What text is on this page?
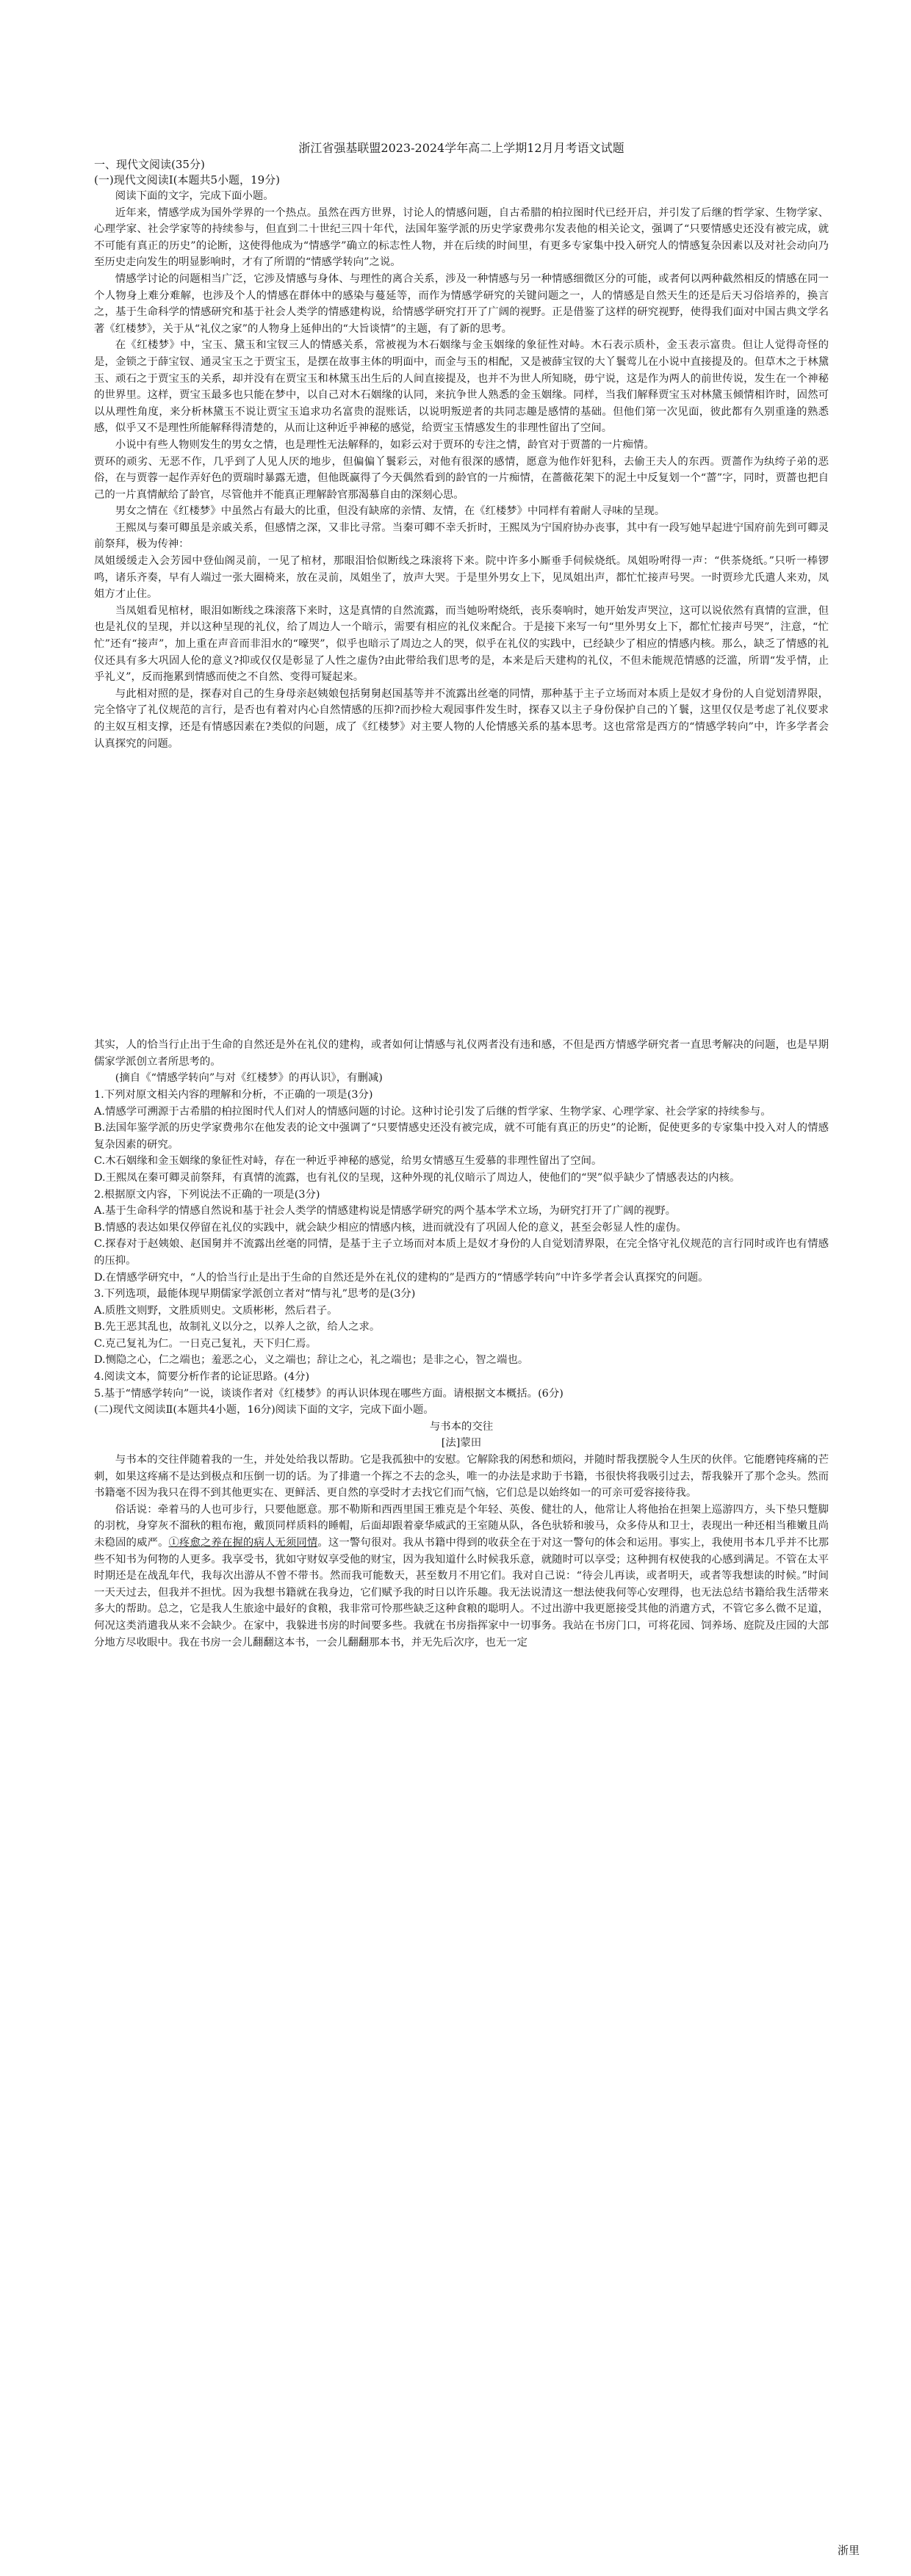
浙江省强基联盟2023-2024学年高二上学期12月月考语文试题
一、现代文阅读(35分)
(一)现代文阅读Ⅰ(本题共5小题，19分)
阅读下面的文字，完成下面小题。

近年来，情感学成为国外学界的一个热点。虽然在西方世界，讨论人的情感问题，自古希腊的柏拉图时代已经开启，并引发了后继的哲学家、生物学家、心理学家、社会学家等的持续参与，但直到二十世纪三四十年代，法国年鉴学派的历史学家费弗尔发表他的相关论文，强调了“只要情感史还没有被完成，就不可能有真正的历史”的论断，这使得他成为“情感学”确立的标志性人物，并在后续的时间里，有更多专家集中投入研究人的情感复杂因素以及对社会动向乃至历史走向发生的明显影响时，才有了所谓的“情感学转向”之说。

情感学讨论的问题相当广泛，它涉及情感与身体、与理性的离合关系，涉及一种情感与另一种情感细微区分的可能，或者何以两种截然相反的情感在同一个人物身上难分难解，也涉及个人的情感在群体中的感染与蔓延等，而作为情感学研究的关键问题之一，人的情感是自然天生的还是后天习俗培养的，换言之，基于生命科学的情感研究和基于社会人类学的情感建构说，给情感学研究打开了广阔的视野。正是借鉴了这样的研究视野，使得我们面对中国古典文学名著《红楼梦》，关于从“礼仪之家”的人物身上延伸出的“大旨谈情”的主题，有了新的思考。

在《红楼梦》中，宝玉、黛玉和宝钗三人的情感关系，常被视为木石姻缘与金玉姻缘的象征性对峙。木石表示质朴，金玉表示富贵。但让人觉得奇怪的是，金锁之于薛宝钗、通灵宝玉之于贾宝玉，是摆在故事主体的明面中，而金与玉的相配，又是被薛宝钗的大丫鬟莺儿在小说中直接提及的。但草木之于林黛玉、顽石之于贾宝玉的关系，却并没有在贾宝玉和林黛玉出生后的人间直接提及，也并不为世人所知晓，毋宁说，这是作为两人的前世传说，发生在一个神秘的世界里。这样，贾宝玉最多也只能在梦中，以自己对木石姻缘的认同，来抗争世人熟悉的金玉姻缘。同样，当我们解释贾宝玉对林黛玉倾情相许时，固然可以从理性角度，来分析林黛玉不说让贾宝玉追求功名富贵的混账话，以说明叛逆者的共同志趣是感情的基础。但他们第一次见面，彼此都有久别重逢的熟悉感，似乎又不是理性所能解释得清楚的，从而让这种近乎神秘的感觉，给贾宝玉情感发生的非理性留出了空间。

小说中有些人物则发生的男女之情，也是理性无法解释的，如彩云对于贾环的专注之情，龄官对于贾蔷的一片痴情。

贾环的顽劣、无恶不作，几乎到了人见人厌的地步，但偏偏丫鬟彩云，对他有很深的感情，愿意为他作奸犯科，去偷王夫人的东西。贾蔷作为纨绔子弟的恶俗，在与贾蓉一起作弄好色的贾瑞时暴露无遗，但他既赢得了今天偶然看到的龄官的一片痴情，在蔷薇花架下的泥土中反复划一个“蔷”字，同时，贾蔷也把自己的一片真情献给了龄官，尽管他并不能真正理解龄官那渴慕自由的深刻心思。

男女之情在《红楼梦》中虽然占有最大的比重，但没有缺席的亲情、友情，在《红楼梦》中同样有着耐人寻味的呈现。

王熙凤与秦可卿虽是亲戚关系，但感情之深，又非比寻常。当秦可卿不幸夭折时，王熙凤为宁国府协办丧事，其中有一段写她早起进宁国府前先到可卿灵前祭拜，极为传神：

凤姐缓缓走入会芳园中登仙阁灵前，一见了棺材，那眼泪恰似断线之珠滚将下来。院中许多小厮垂手伺候烧纸。凤姐吩咐得一声：“供茶烧纸。”只听一棒锣鸣，诸乐齐奏，早有人端过一张大圈椅来，放在灵前，凤姐坐了，放声大哭。于是里外男女上下，见凤姐出声，都忙忙接声号哭。一时贾珍尤氏遣人来劝，凤姐方才止住。

当凤姐看见棺材，眼泪如断线之珠滚落下来时，这是真情的自然流露，而当她吩咐烧纸，丧乐奏响时，她开始发声哭泣，这可以说依然有真情的宣泄，但也是礼仪的呈现，并以这种呈现的礼仪，给了周边人一个暗示，需要有相应的礼仪来配合。于是接下来写一句“里外男女上下，都忙忙接声号哭”，注意，“忙忙”还有“接声”，加上重在声音而非泪水的“嚎哭”，似乎也暗示了周边之人的哭，似乎在礼仪的实践中，已经缺少了相应的情感内核。那么，缺乏了情感的礼仪还具有多大巩固人伦的意义?抑或仅仅是彰显了人性之虚伪?由此带给我们思考的是，本来是后天建构的礼仪，不但未能规范情感的泛滥，所谓“发乎情，止乎礼义”，反而拖累到情感而使之不自然、变得可疑起来。

与此相对照的是，探春对自己的生身母亲赵姨娘包括舅舅赵国基等并不流露出丝毫的同情，那种基于主子立场而对本质上是奴才身份的人自觉划清界限，完全恪守了礼仪规范的言行，是否也有着对内心自然情感的压抑?而抄检大观园事件发生时，探春又以主子身份保护自己的丫鬟，这里仅仅是考虑了礼仪要求的主奴互相支撑，还是有情感因素在?类似的问题，成了《红楼梦》对主要人物的人伦情感关系的基本思考。这也常常是西方的“情感学转向”中，许多学者会认真探究的问题。

其实，人的恰当行止出于生命的自然还是外在礼仪的建构，或者如何让情感与礼仪两者没有违和感，不但是西方情感学研究者一直思考解决的问题，也是早期儒家学派创立者所思考的。

(摘自《“情感学转向”与对《红楼梦》的再认识》，有删减)
1.下列对原文相关内容的理解和分析，不正确的一项是(3分)
A.情感学可溯源于古希腊的柏拉图时代人们对人的情感问题的讨论。这种讨论引发了后继的哲学家、生物学家、心理学家、社会学家的持续参与。
B.法国年鉴学派的历史学家费弗尔在他发表的论文中强调了“只要情感史还没有被完成，就不可能有真正的历史”的论断，促使更多的专家集中投入对人的情感复杂因素的研究。
C.木石姻缘和金玉姻缘的象征性对峙，存在一种近乎神秘的感觉，给男女情感互生爱慕的非理性留出了空间。
D.王熙凤在秦可卿灵前祭拜，有真情的流露，也有礼仪的呈现，这种外现的礼仪暗示了周边人，使他们的“哭”似乎缺少了情感表达的内核。
2.根据原文内容，下列说法不正确的一项是(3分)
A.基于生命科学的情感自然说和基于社会人类学的情感建构说是情感学研究的两个基本学术立场，为研究打开了广阔的视野。
B.情感的表达如果仅停留在礼仪的实践中，就会缺少相应的情感内核，进而就没有了巩固人伦的意义，甚至会彰显人性的虚伪。
C.探春对于赵姨娘、赵国舅并不流露出丝毫的同情，是基于主子立场而对本质上是奴才身份的人自觉划清界限，在完全恪守礼仪规范的言行同时或许也有情感的压抑。
D.在情感学研究中，“人的恰当行止是出于生命的自然还是外在礼仪的建构的”是西方的“情感学转向”中许多学者会认真探究的问题。
3.下列选项，最能体现早期儒家学派创立者对“情与礼”思考的是(3分)
A.质胜文则野，文胜质则史。文质彬彬，然后君子。
B.先王恶其乱也，故制礼义以分之，以养人之欲，给人之求。
C.克己复礼为仁。一日克己复礼，天下归仁焉。
D.恻隐之心，仁之端也；羞恶之心，义之端也；辞让之心，礼之端也；是非之心，智之端也。
4.阅读文本，简要分析作者的论证思路。(4分)
5.基于“情感学转向”一说，谈谈作者对《红楼梦》的再认识体现在哪些方面。请根据文本概括。(6分)
(二)现代文阅读Ⅱ(本题共4小题，16分)阅读下面的文字，完成下面小题。
与书本的交往
[法]蒙田

与书本的交往伴随着我的一生，并处处给我以帮助。它是我孤独中的安慰。它解除我的闲愁和烦闷，并随时帮我摆脱令人生厌的伙伴。它能磨钝疼痛的芒刺，如果这疼痛不是达到极点和压倒一切的话。为了排遣一个挥之不去的念头，唯一的办法是求助于书籍，书很快将我吸引过去，帮我躲开了那个念头。然而书籍毫不因为我只在得不到其他更实在、更鲜活、更自然的享受时才去找它们而气恼，它们总是以始终如一的可亲可爱容接待我。

俗话说：牵着马的人也可步行，只要他愿意。那不勒斯和西西里国王雅克是个年轻、英俊、健壮的人，他常让人将他抬在担架上巡游四方，头下垫只蹩脚的羽枕，身穿灰不溜秋的粗布袍，戴顶同样质料的睡帽，后面却跟着豪华威武的王室随从队，各色驮轿和骏马，众多侍从和卫士，表现出一种还相当稚嫩且尚未稳固的威严。①疼愈之养在握的病人无须同情。这一警句很对。我从书籍中得到的收获全在于对这一警句的体会和运用。事实上，我使用书本几乎并不比那些不知书为何物的人更多。我享受书，犹如守财奴享受他的财宝，因为我知道什么时候我乐意，就随时可以享受；这种拥有权使我的心感到满足。不管在太平时期还是在战乱年代，我每次出游从不曾不带书。然而我可能数天，甚至数月不用它们。我对自己说：“待会儿再读，或者明天，或者等我想读的时候。”时间一天天过去，但我并不担忧。因为我想书籍就在我身边，它们赋予我的时日以许乐趣。我无法说清这一想法使我何等心安理得，也无法总结书籍给我生活带来多大的帮助。总之，它是我人生旅途中最好的食粮，我非常可怜那些缺乏这种食粮的聪明人。不过出游中我更愿接受其他的消遣方式，不管它多么微不足道，何况这类消遣我从来不会缺少。在家中，我躲进书房的时间要多些。我就在书房指挥家中一切事务。我站在书房门口，可将花园、饲养场、庭院及庄园的大部分地方尽收眼中。我在书房一会儿翻翻这本书，一会儿翻翻那本书，并无先后次序，也无一定

浙里
